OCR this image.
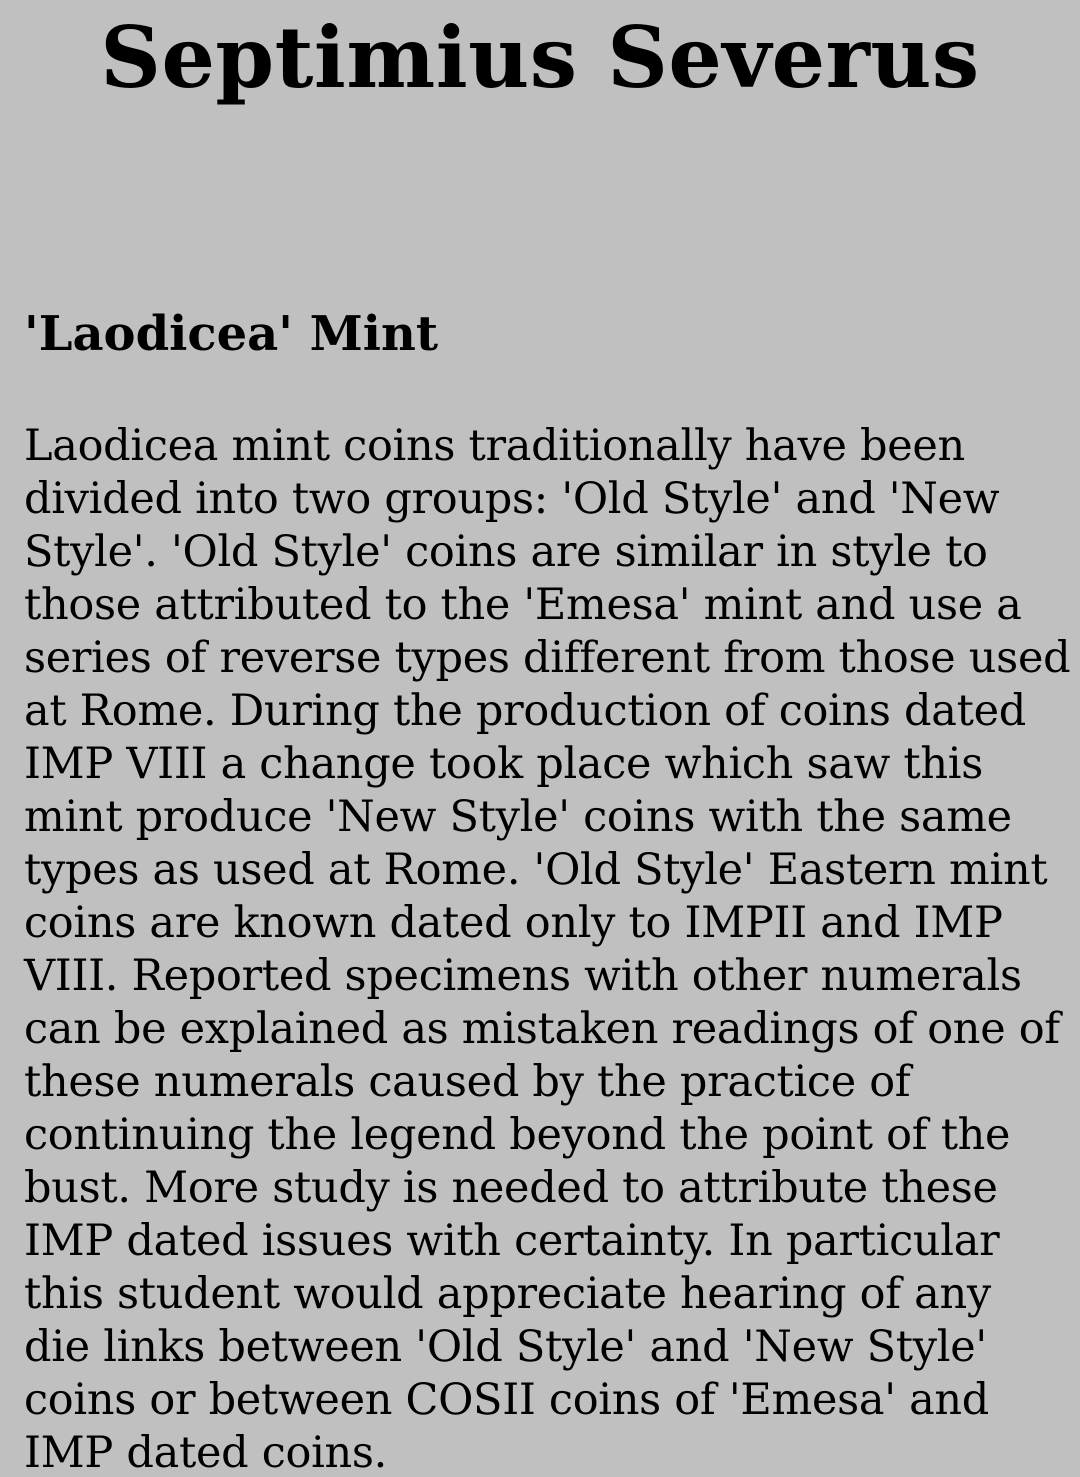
Septimius Severus
'Laodicea' Mint
Laodicea mint coins traditionally have been
divided into two groups: 'Old Style' and 'New
Style'. 'Old Style' coins are similar in style to
those attributed to the 'Emesa' mint and use a
series of reverse types different from those used
at Rome. During the production of coins dated
IMP VIII a change took place which saw this
mint produce 'New Style' coins with the same
types as used at Rome. 'Old Style' Eastern mint
coins are known dated only to IMPII and IMP
VIII. Reported specimens with other numerals
can be explained as mistaken readings of one of
these numerals caused by the practice of
continuing the legend beyond the point of the
bust. More study is needed to attribute these
IMP dated issues with certainty. In particular
this student would appreciate hearing of any
die links between 'Old Style' and 'New Style'
coins or between COSII coins of 'Emesa' and
IMP dated coins.
